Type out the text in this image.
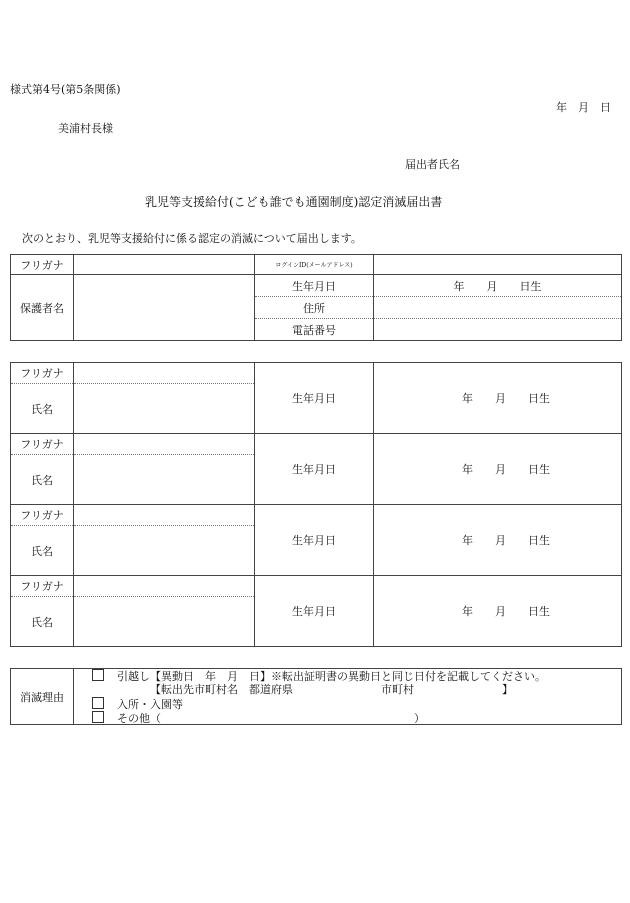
様式第4号(第5条関係)
年　月　日
美浦村長様
届出者氏名
乳児等支援給付(こども誰でも通園制度)認定消滅届出書
次のとおり、乳児等支援給付に係る認定の消滅について届出します。
フリガナ		ログインID(メールアドレス)	
保護者名		生年月日	年　　月　　日生
		住所	
		電話番号	
フリガナ		生年月日	年　　月　　日生
氏名			
フリガナ		生年月日	年　　月　　日生
氏名			
フリガナ		生年月日	年　　月　　日生
氏名			
フリガナ		生年月日	年　　月　　日生
氏名			
消滅理由	
引越し【異動日　年　月　日】※転出証明書の異動日と同じ日付を記載してください。
【転出先市町村名　都道府県　　　　　　　　市町村　　　　　　　　】
入所・入園等
その他（　　　　　　　　　　　　　　　　　　　　　　　）
